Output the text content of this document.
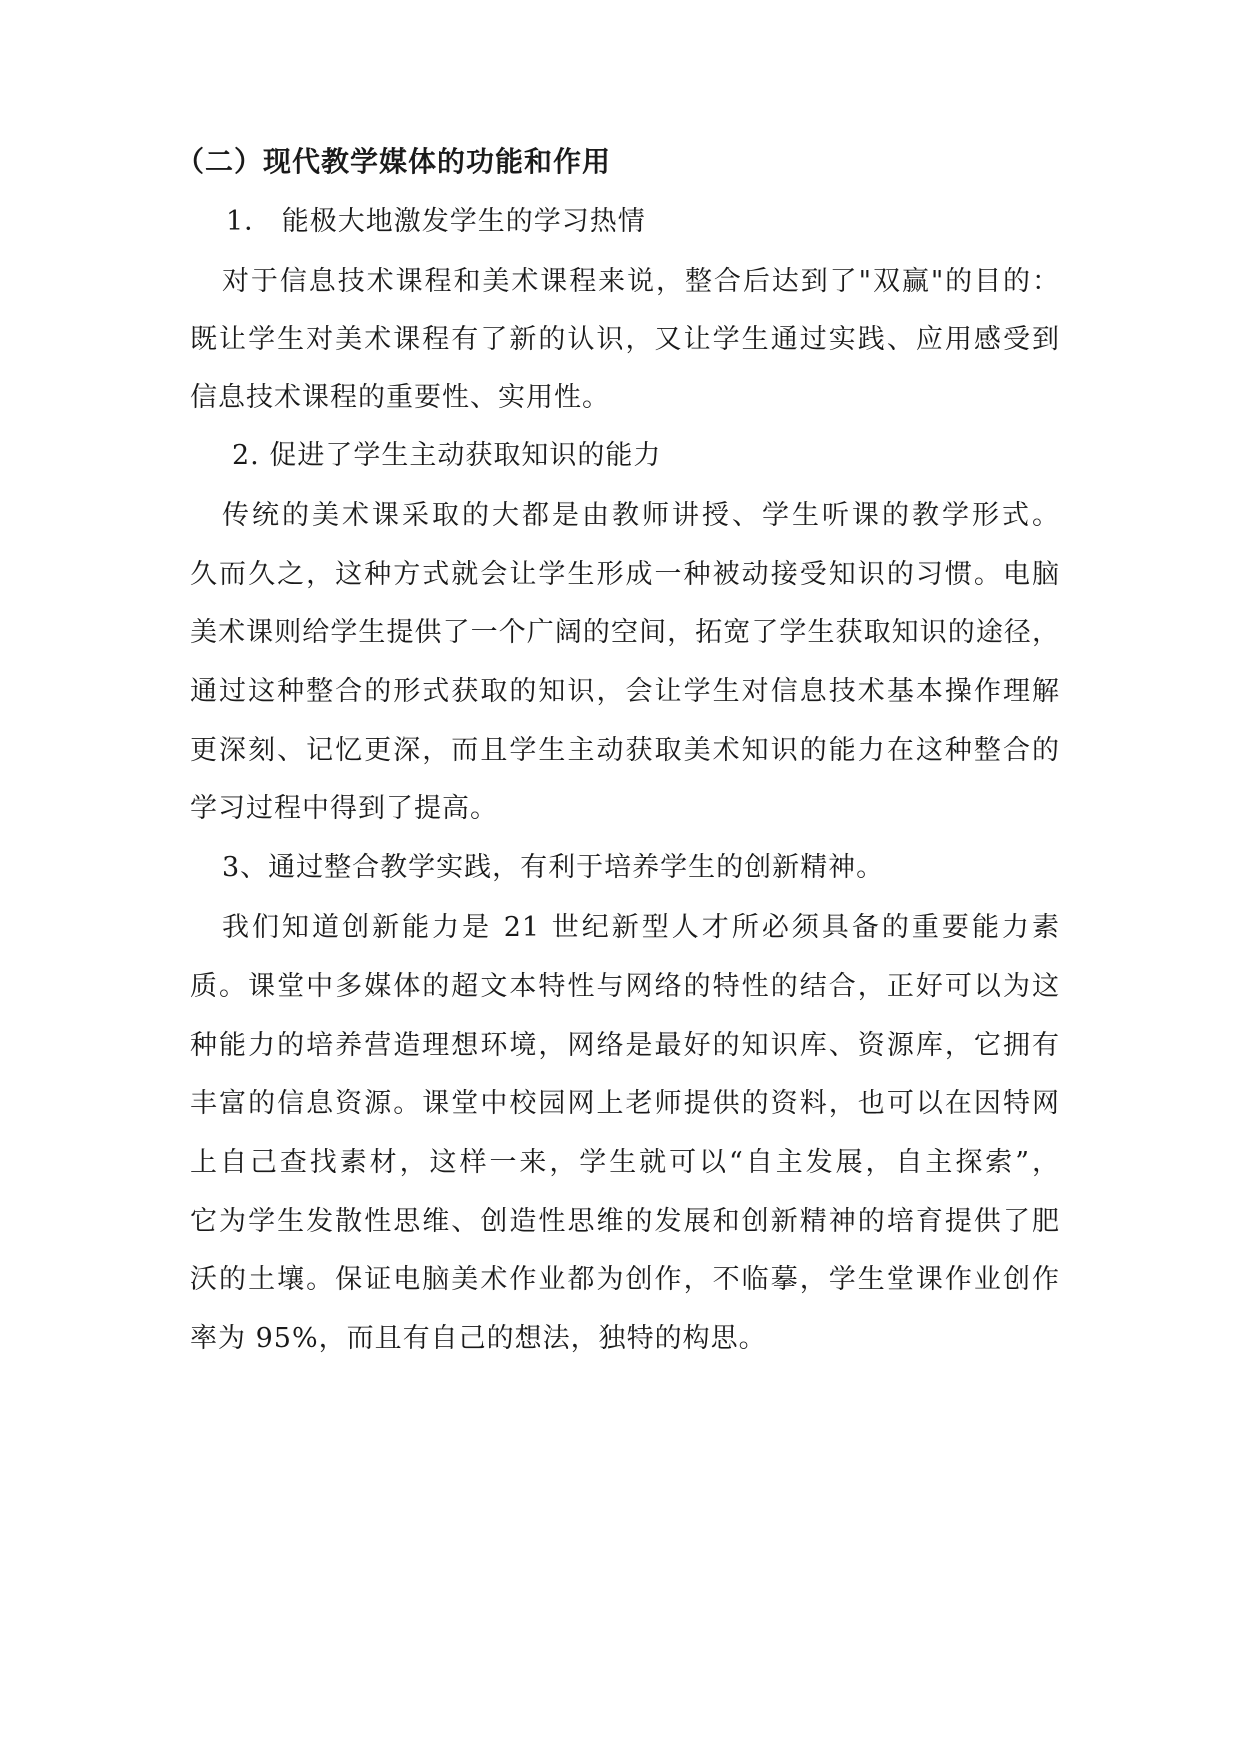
（二）现代教学媒体的功能和作用
1． 能极大地激发学生的学习热情
对于信息技术课程和美术课程来说，整合后达到了"双赢"的目的：
既让学生对美术课程有了新的认识，又让学生通过实践、应用感受到
信息技术课程的重要性、实用性。
2. 促进了学生主动获取知识的能力
传统的美术课采取的大都是由教师讲授、学生听课的教学形式。
久而久之，这种方式就会让学生形成一种被动接受知识的习惯。电脑
美术课则给学生提供了一个广阔的空间，拓宽了学生获取知识的途径，
通过这种整合的形式获取的知识，会让学生对信息技术基本操作理解
更深刻、记忆更深，而且学生主动获取美术知识的能力在这种整合的
学习过程中得到了提高。
3、通过整合教学实践，有利于培养学生的创新精神。
我们知道创新能力是 21 世纪新型人才所必须具备的重要能力素
质。课堂中多媒体的超文本特性与网络的特性的结合，正好可以为这
种能力的培养营造理想环境，网络是最好的知识库、资源库，它拥有
丰富的信息资源。课堂中校园网上老师提供的资料，也可以在因特网
上自己查找素材，这样一来，学生就可以“自主发展，自主探索”，
它为学生发散性思维、创造性思维的发展和创新精神的培育提供了肥
沃的土壤。保证电脑美术作业都为创作，不临摹，学生堂课作业创作
率为 95%，而且有自己的想法，独特的构思。
